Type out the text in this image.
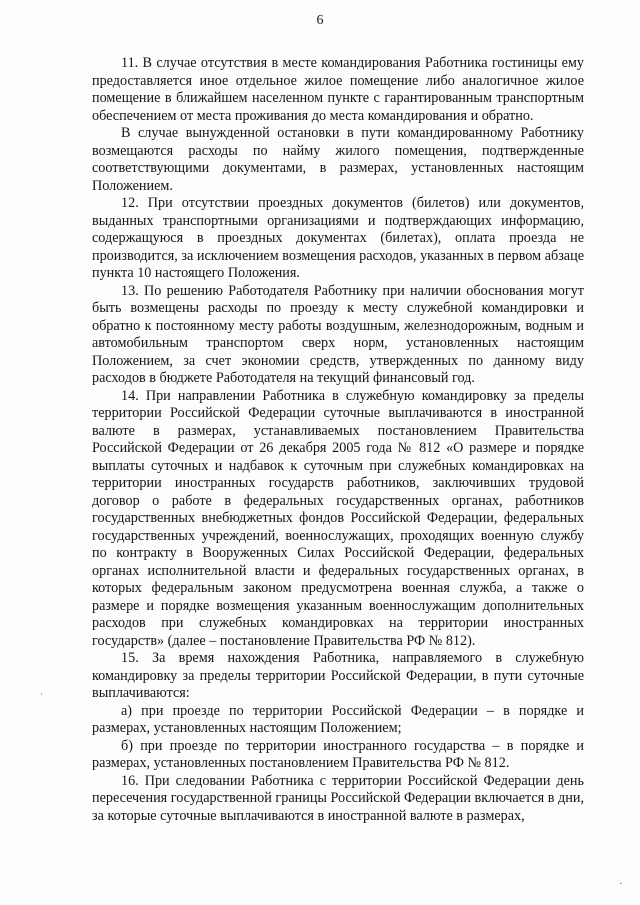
6

11. В случае отсутствия в месте командирования Работника гостиницы ему предоставляется иное отдельное жилое помещение либо аналогичное жилое помещение в ближайшем населенном пункте с гарантированным транспортным обеспечением от места проживания до места командирования и обратно.

В случае вынужденной остановки в пути командированному Работнику возмещаются расходы по найму жилого помещения, подтвержденные соответствующими документами, в размерах, установленных настоящим Положением.

12. При отсутствии проездных документов (билетов) или документов, выданных транспортными организациями и подтверждающих информацию, содержащуюся в проездных документах (билетах), оплата проезда не производится, за исключением возмещения расходов, указанных в первом абзаце пункта 10 настоящего Положения.

13. По решению Работодателя Работнику при наличии обоснования могут быть возмещены расходы по проезду к месту служебной командировки и обратно к постоянному месту работы воздушным, железнодорожным, водным и автомобильным транспортом сверх норм, установленных настоящим Положением, за счет экономии средств, утвержденных по данному виду расходов в бюджете Работодателя на текущий финансовый год.

14. При направлении Работника в служебную командировку за пределы территории Российской Федерации суточные выплачиваются в иностранной валюте в размерах, устанавливаемых постановлением Правительства Российской Федерации от 26 декабря 2005 года № 812 «О размере и порядке выплаты суточных и надбавок к суточным при служебных командировках на территории иностранных государств работников, заключивших трудовой договор о работе в федеральных государственных органах, работников государственных внебюджетных фондов Российской Федерации, федеральных государственных учреждений, военнослужащих, проходящих военную службу по контракту в Вооруженных Силах Российской Федерации, федеральных органах исполнительной власти и федеральных государственных органах, в которых федеральным законом предусмотрена военная служба, а также о размере и порядке возмещения указанным военнослужащим дополнительных расходов при служебных командировках на территории иностранных государств» (далее – постановление Правительства РФ № 812).

15. За время нахождения Работника, направляемого в служебную командировку за пределы территории Российской Федерации, в пути суточные выплачиваются:

а) при проезде по территории Российской Федерации – в порядке и размерах, установленных настоящим Положением;

б) при проезде по территории иностранного государства – в порядке и размерах, установленных постановлением Правительства РФ № 812.

16. При следовании Работника с территории Российской Федерации день пересечения государственной границы Российской Федерации включается в дни, за которые суточные выплачиваются в иностранной валюте в размерах,

·
·
